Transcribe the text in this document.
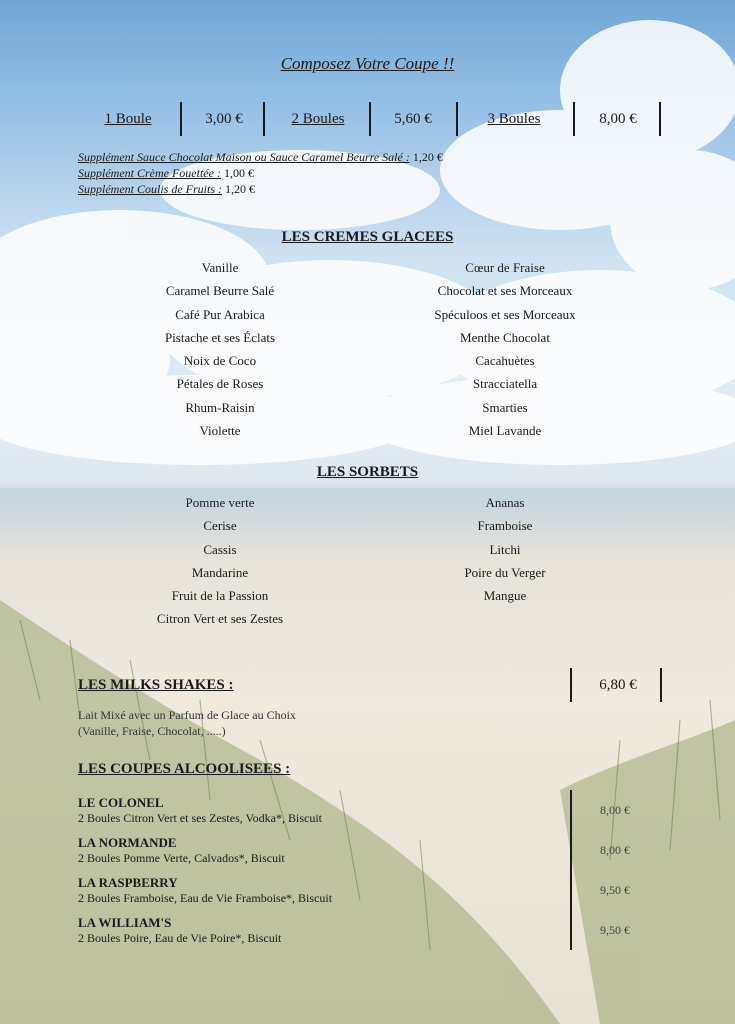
Composez Votre Coupe !!
1 Boule	3,00 €	2 Boules	5,60 €	3 Boules	8,00 €
Supplément Sauce Chocolat Maison ou Sauce Caramel Beurre Salé : 1,20 €
Supplément Crème Fouettée : 1,00 €
Supplément Coulis de Fruits : 1,20 €
LES CREMES GLACEES
Vanille
Caramel Beurre Salé
Café Pur Arabica
Pistache et ses Éclats
Noix de Coco
Pétales de Roses
Rhum-Raisin
Violette
Cœur de Fraise
Chocolat et ses Morceaux
Spéculoos et ses Morceaux
Menthe Chocolat
Cacahuètes
Stracciatella
Smarties
Miel Lavande
LES SORBETS
Pomme verte
Cerise
Cassis
Mandarine
Fruit de la Passion
Citron Vert et ses Zestes
Ananas
Framboise
Litchi
Poire du Verger
Mangue
LES MILKS SHAKES :	6,80 €
Lait Mixé avec un Parfum de Glace au Choix
(Vanille, Fraise, Chocolat, .....)
LES COUPES ALCOOLISEES :
LE COLONEL
2 Boules Citron Vert et ses Zestes, Vodka*, Biscuit
8,00 €
LA NORMANDE
2 Boules Pomme Verte, Calvados*, Biscuit
8,00 €
LA RASPBERRY
2 Boules Framboise, Eau de Vie Framboise*, Biscuit
9,50 €
LA WILLIAM'S
2 Boules Poire, Eau de Vie Poire*, Biscuit
9,50 €
